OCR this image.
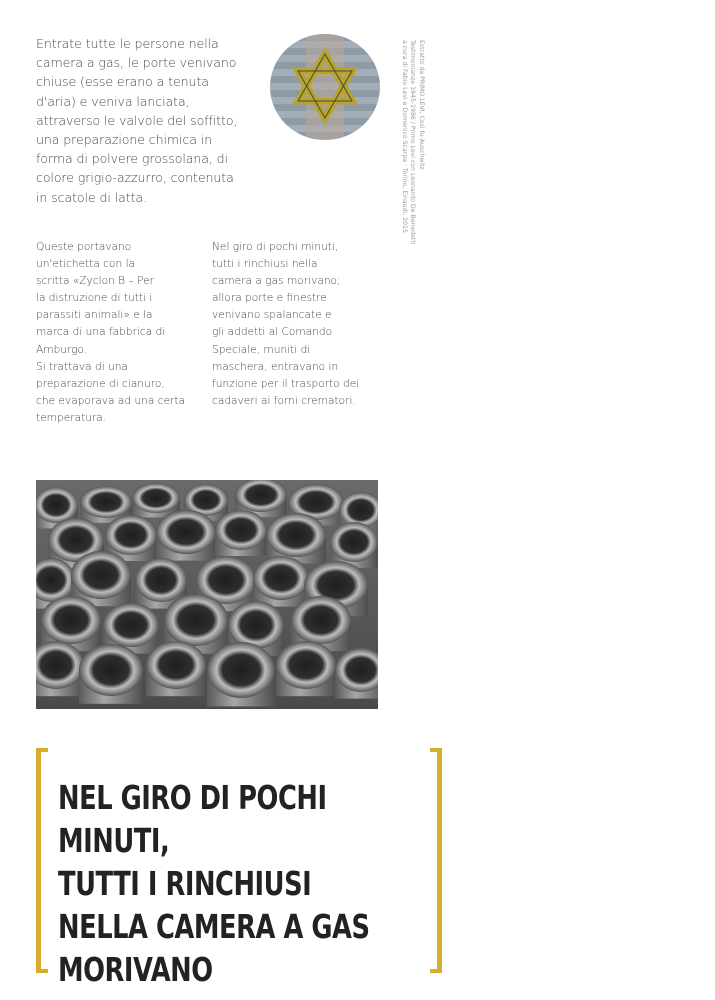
Entrate tutte le persone nella
camera a gas, le porte venivano
chiuse (esse erano a tenuta
d'aria) e veniva lanciata,
attraverso le valvole del soffitto,
una preparazione chimica in
forma di polvere grossolana, di
colore grigio-azzurro, contenuta
in scatole di latta.
Estratto da PRIMO LEVI, Così fu Auschwitz
Testimonianze 1945-1986 / Primo Levi con Leonardo De Benedetti
a cura di Fabio Levi e Domenico Scarpa · Torino, Einaudi, 2015
Queste portavano
un'etichetta con la
scritta «Zyclon B – Per
la distruzione di tutti i
parassiti animali» e la
marca di una fabbrica di
Amburgo.
Si trattava di una
preparazione di cianuro,
che evaporava ad una certa
temperatura.
Nel giro di pochi minuti,
tutti i rinchiusi nella
camera a gas morivano;
allora porte e finestre
venivano spalancate e
gli addetti al Comando
Speciale, muniti di
maschera, entravano in
funzione per il trasporto dei
cadaveri ai forni crematori.
NEL GIRO DI POCHI MINUTI,
TUTTI I RINCHIUSI
NELLA CAMERA A GAS
MORIVANO
